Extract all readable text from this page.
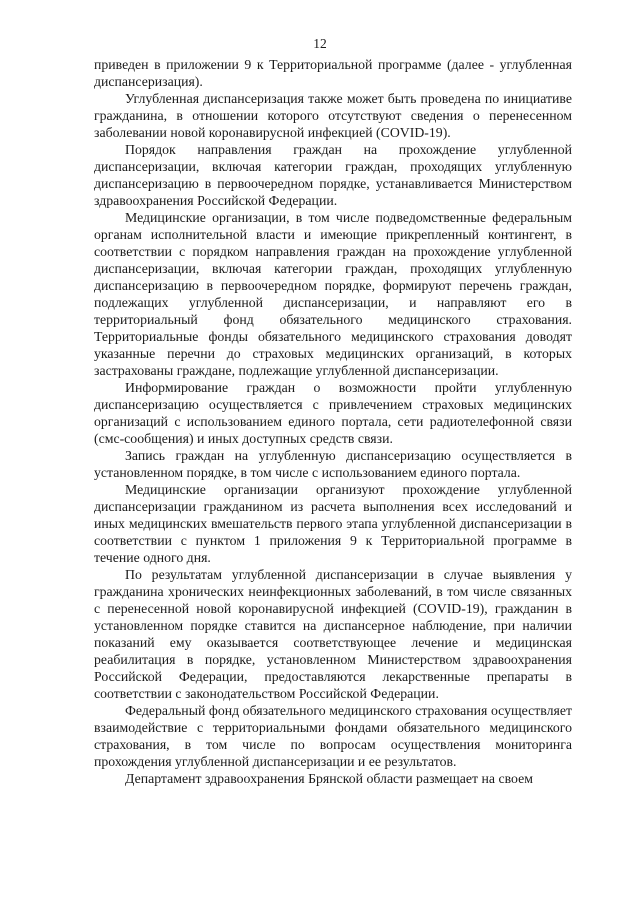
12

приведен в приложении 9 к Территориальной программе (далее - углубленная диспансеризация).

Углубленная диспансеризация также может быть проведена по инициативе гражданина, в отношении которого отсутствуют сведения о перенесенном заболевании новой коронавирусной инфекцией (COVID-19).

Порядок направления граждан на прохождение углубленной диспансеризации, включая категории граждан, проходящих углубленную диспансеризацию в первоочередном порядке, устанавливается Министерством здравоохранения Российской Федерации.

Медицинские организации, в том числе подведомственные федеральным органам исполнительной власти и имеющие прикрепленный контингент, в соответствии с порядком направления граждан на прохождение углубленной диспансеризации, включая категории граждан, проходящих углубленную диспансеризацию в первоочередном порядке, формируют перечень граждан, подлежащих углубленной диспансеризации, и направляют его в территориальный фонд обязательного медицинского страхования. Территориальные фонды обязательного медицинского страхования доводят указанные перечни до страховых медицинских организаций, в которых застрахованы граждане, подлежащие углубленной диспансеризации.

Информирование граждан о возможности пройти углубленную диспансеризацию осуществляется с привлечением страховых медицинских организаций с использованием единого портала, сети радиотелефонной связи (смс-сообщения) и иных доступных средств связи.

Запись граждан на углубленную диспансеризацию осуществляется в установленном порядке, в том числе с использованием единого портала.

Медицинские организации организуют прохождение углубленной диспансеризации гражданином из расчета выполнения всех исследований и иных медицинских вмешательств первого этапа углубленной диспансеризации в соответствии с пунктом 1 приложения 9 к Территориальной программе в течение одного дня.

По результатам углубленной диспансеризации в случае выявления у гражданина хронических неинфекционных заболеваний, в том числе связанных с перенесенной новой коронавирусной инфекцией (COVID-19), гражданин в установленном порядке ставится на диспансерное наблюдение, при наличии показаний ему оказывается соответствующее лечение и медицинская реабилитация в порядке, установленном Министерством здравоохранения Российской Федерации, предоставляются лекарственные препараты в соответствии с законодательством Российской Федерации.

Федеральный фонд обязательного медицинского страхования осуществляет взаимодействие с территориальными фондами обязательного медицинского страхования, в том числе по вопросам осуществления мониторинга прохождения углубленной диспансеризации и ее результатов.

Департамент здравоохранения Брянской области размещает на своем
